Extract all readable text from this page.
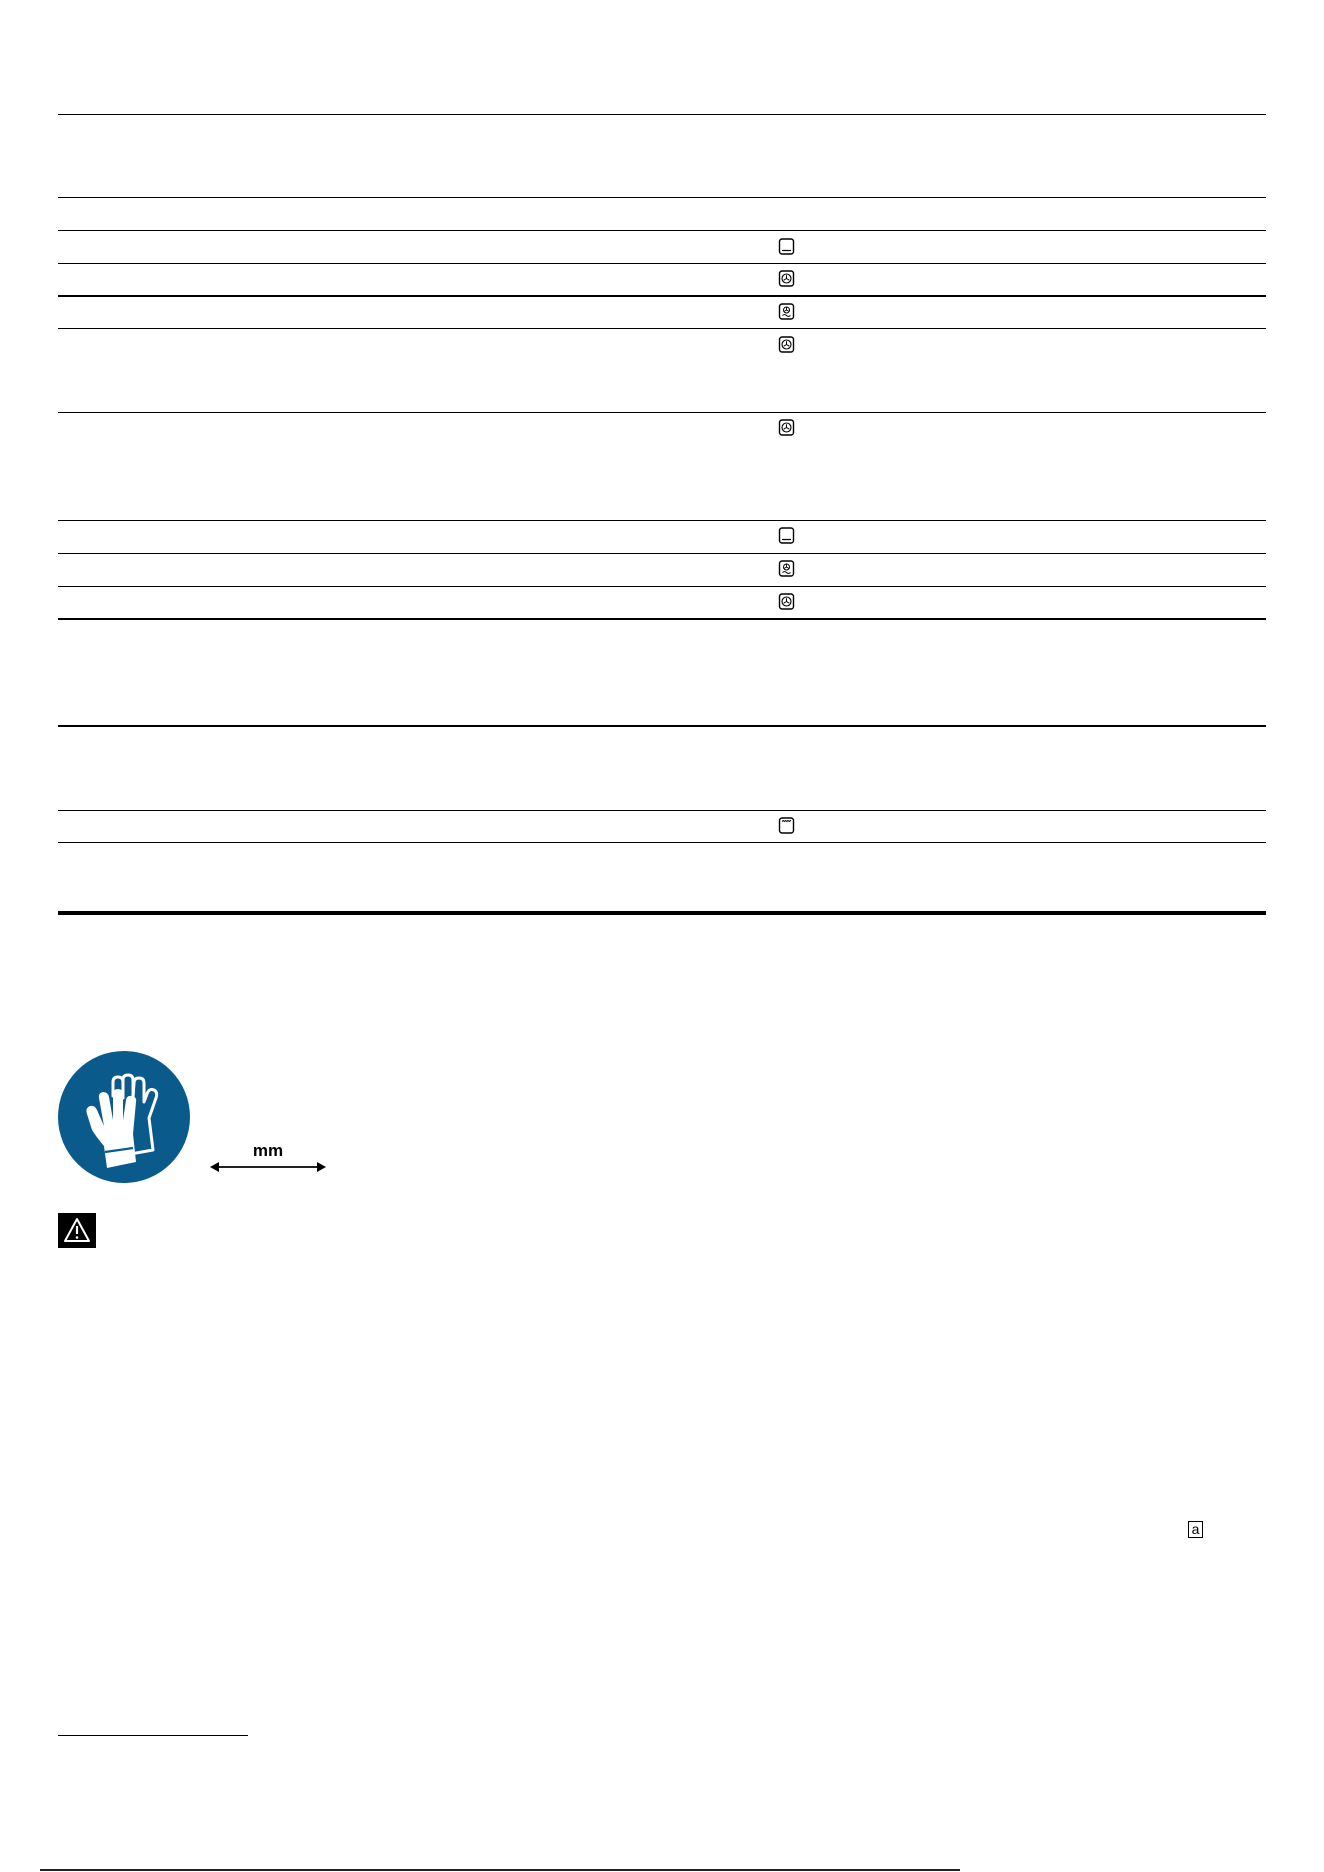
mm
a
